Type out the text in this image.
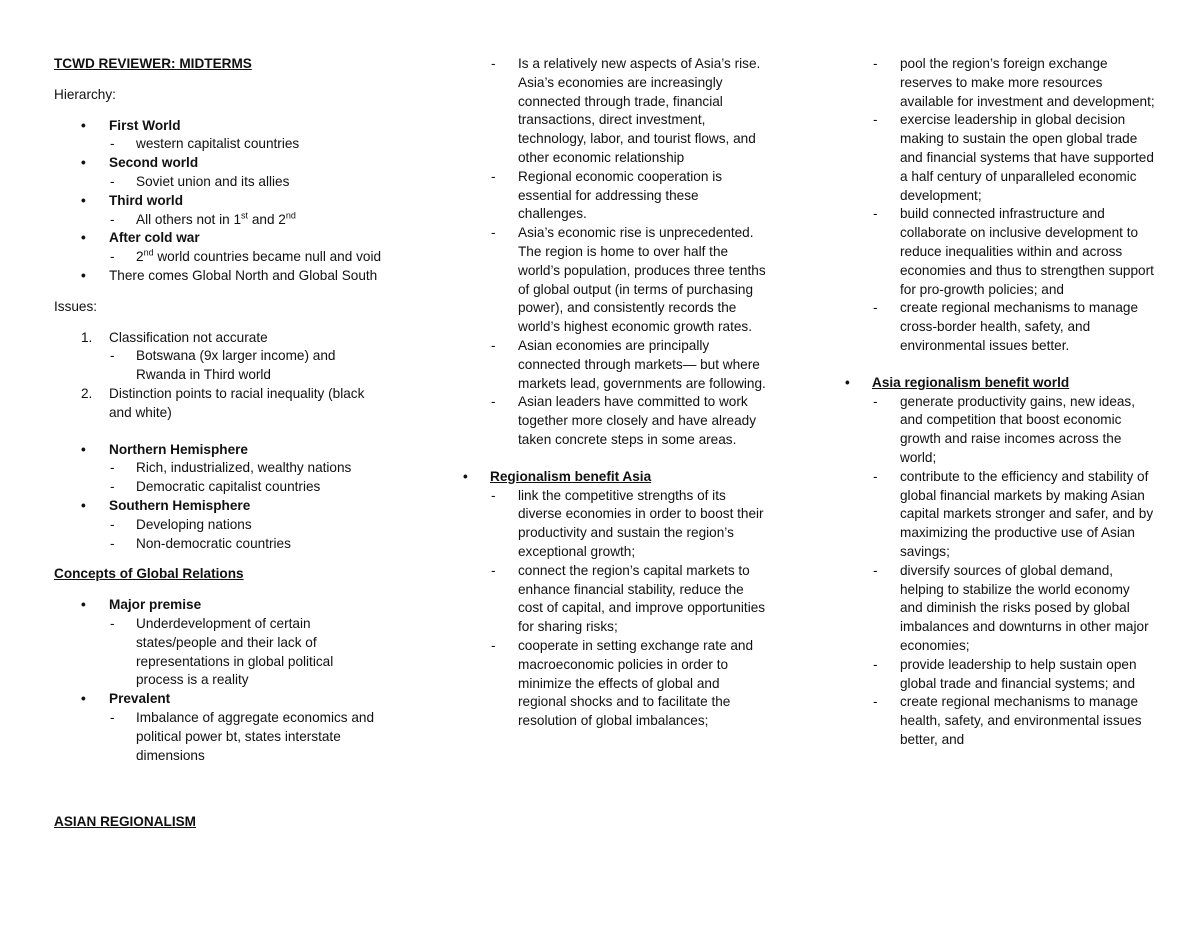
TCWD REVIEWER: MIDTERMS
Hierarchy:
• First World
- western capitalist countries
• Second world
- Soviet union and its allies
• Third world
- All others not in 1st and 2nd
• After cold war
- 2nd world countries became null and void
• There comes Global North and Global South
Issues:
1. Classification not accurate
- Botswana (9x larger income) and Rwanda in Third world
2. Distinction points to racial inequality (black and white)
• Northern Hemisphere
- Rich, industrialized, wealthy nations
- Democratic capitalist countries
• Southern Hemisphere
- Developing nations
- Non-democratic countries
Concepts of Global Relations
• Major premise
- Underdevelopment of certain states/people and their lack of representations in global political process is a reality
• Prevalent
- Imbalance of aggregate economics and political power bt, states interstate dimensions
ASIAN REGIONALISM
- Is a relatively new aspects of Asia’s rise. Asia’s economies are increasingly connected through trade, financial transactions, direct investment, technology, labor, and tourist flows, and other economic relationship
- Regional economic cooperation is essential for addressing these challenges.
- Asia’s economic rise is unprecedented. The region is home to over half the world’s population, produces three tenths of global output (in terms of purchasing power), and consistently records the world’s highest economic growth rates.
- Asian economies are principally connected through markets— but where markets lead, governments are following.
- Asian leaders have committed to work together more closely and have already taken concrete steps in some areas.
• Regionalism benefit Asia
- link the competitive strengths of its diverse economies in order to boost their productivity and sustain the region’s exceptional growth;
- connect the region’s capital markets to enhance financial stability, reduce the cost of capital, and improve opportunities for sharing risks;
- cooperate in setting exchange rate and macroeconomic policies in order to minimize the effects of global and regional shocks and to facilitate the resolution of global imbalances;
- pool the region’s foreign exchange reserves to make more resources available for investment and development;
- exercise leadership in global decision making to sustain the open global trade and financial systems that have supported a half century of unparalleled economic development;
- build connected infrastructure and collaborate on inclusive development to reduce inequalities within and across economies and thus to strengthen support for pro-growth policies; and
- create regional mechanisms to manage cross-border health, safety, and environmental issues better.
• Asia regionalism benefit world
- generate productivity gains, new ideas, and competition that boost economic growth and raise incomes across the world;
- contribute to the efficiency and stability of global financial markets by making Asian capital markets stronger and safer, and by maximizing the productive use of Asian savings;
- diversify sources of global demand, helping to stabilize the world economy and diminish the risks posed by global imbalances and downturns in other major economies;
- provide leadership to help sustain open global trade and financial systems; and
- create regional mechanisms to manage health, safety, and environmental issues better, and
